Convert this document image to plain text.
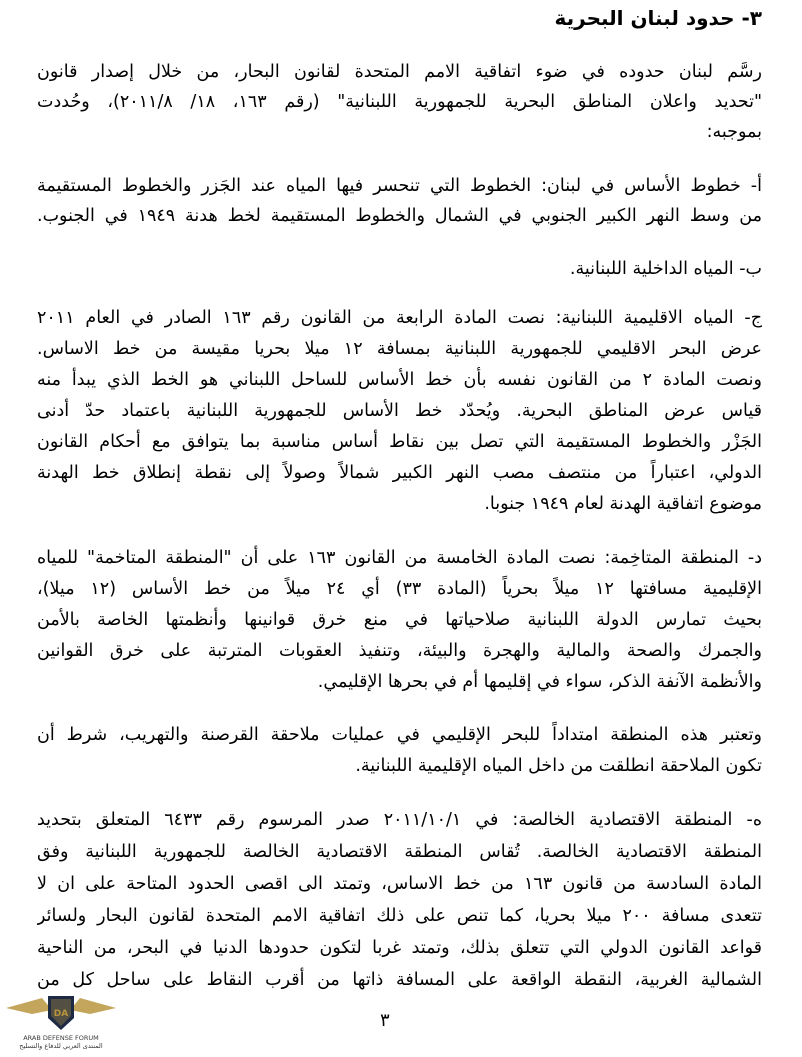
٣- حدود لبنان البحرية
رسَّم لبنان حدوده في ضوء اتفاقية الامم المتحدة لقانون البحار، من خلال إصدار قانون
"تحديد واعلان المناطق البحرية للجمهورية اللبنانية" (رقم ١٦٣، ١٨/ ٢٠١١/٨)، وحُددت
بموجبه:
أ- خطوط الأساس في لبنان: الخطوط التي تنحسر فيها المياه عند الجَزر والخطوط المستقيمة
من وسط النهر الكبير الجنوبي في الشمال والخطوط المستقيمة لخط هدنة ١٩٤٩ في الجنوب.
ب- المياه الداخلية اللبنانية.
ج- المياه الاقليمية اللبنانية: نصت المادة الرابعة من القانون رقم ١٦٣ الصادر في العام ٢٠١١
عرض البحر الاقليمي للجمهورية اللبنانية بمسافة ١٢ ميلا بحريا مقيسة من خط الاساس.
ونصت المادة ٢ من القانون نفسه بأن خط الأساس للساحل اللبناني هو الخط الذي يبدأ منه
قياس عرض المناطق البحرية. ويُحدّد خط الأساس للجمهورية اللبنانية باعتماد حدّ أدنى
الجَزْر والخطوط المستقيمة التي تصل بين نقاط أساس مناسبة بما يتوافق مع أحكام القانون
الدولي، اعتباراً من منتصف مصب النهر الكبير شمالاً وصولاً إلى نقطة إنطلاق خط الهدنة
موضوع اتفاقية الهدنة لعام ١٩٤٩ جنوبا.
د- المنطقة المتاخِمة: نصت المادة الخامسة من القانون ١٦٣ على أن "المنطقة المتاخمة" للمياه
الإقليمية مسافتها ١٢ ميلاً بحرياً (المادة ٣٣) أي ٢٤ ميلاً من خط الأساس (١٢ ميلا)،
بحيث تمارس الدولة اللبنانية صلاحياتها في منع خرق قوانينها وأنظمتها الخاصة بالأمن
والجمرك والصحة والمالية والهجرة والبيئة، وتنفيذ العقوبات المترتبة على خرق القوانين
والأنظمة الآنفة الذكر، سواء في إقليمها أم في بحرها الإقليمي.
وتعتبر هذه المنطقة امتداداً للبحر الإقليمي في عمليات ملاحقة القرصنة والتهريب، شرط أن
تكون الملاحقة انطلقت من داخل المياه الإقليمية اللبنانية.
ه- المنطقة الاقتصادية الخالصة: في ٢٠١١/١٠/١ صدر المرسوم رقم ٦٤٣٣ المتعلق بتحديد
المنطقة الاقتصادية الخالصة. تُقاس المنطقة الاقتصادية الخالصة للجمهورية اللبنانية وفق
المادة السادسة من قانون ١٦٣ من خط الاساس، وتمتد الى اقصى الحدود المتاحة على ان لا
تتعدى مسافة ٢٠٠ ميلا بحريا، كما تنص على ذلك اتفاقية الامم المتحدة لقانون البحار ولسائر
قواعد القانون الدولي التي تتعلق بذلك، وتمتد غربا لتكون حدودها الدنيا في البحر، من الناحية
الشمالية الغربية، النقطة الواقعة على المسافة ذاتها من أقرب النقاط على ساحل كل من
٣
DA
ARAB DEFENSE FORUM
المنتدى العربي للدفاع والتسليح
